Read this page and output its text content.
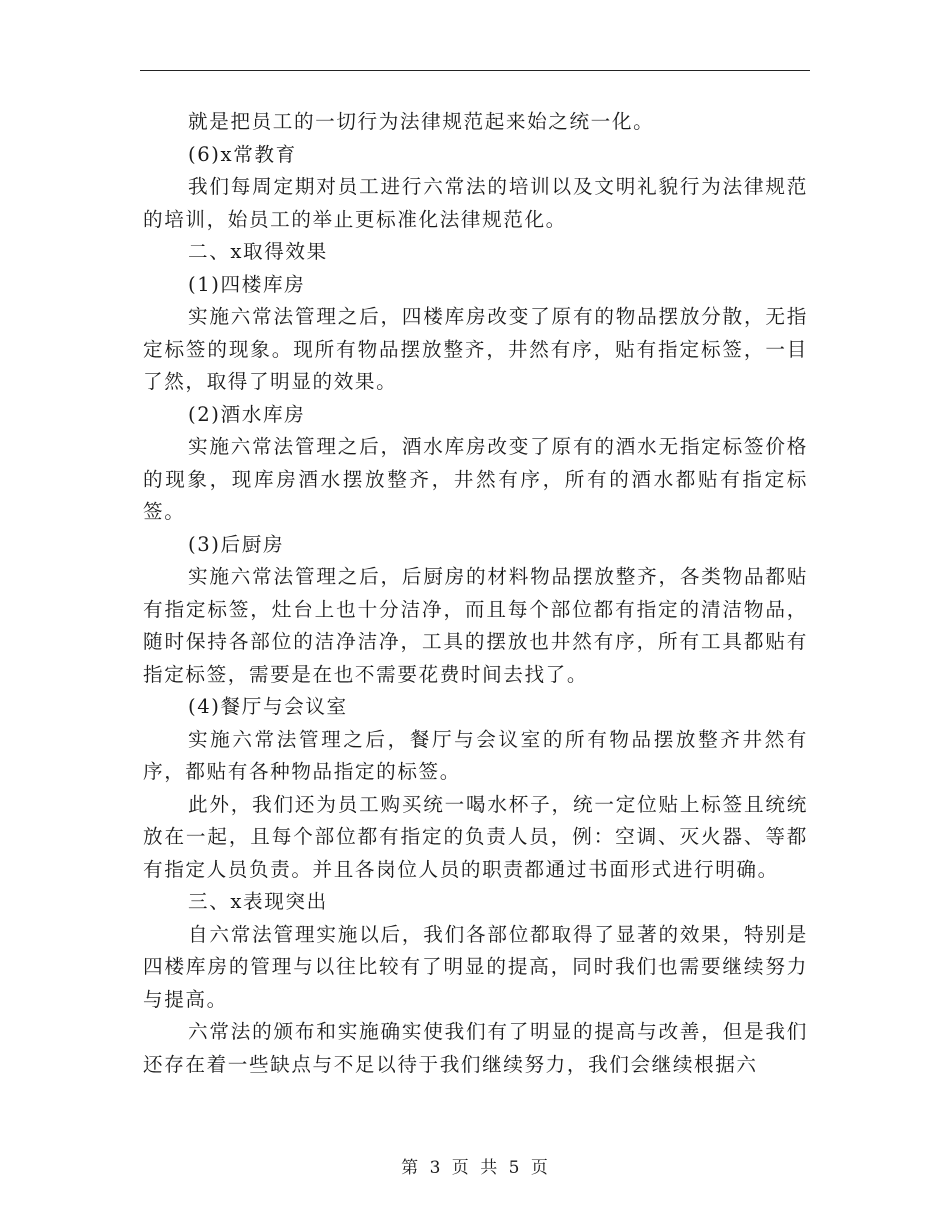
就是把员工的一切行为法律规范起来始之统一化。

(6)x常教育

我们每周定期对员工进行六常法的培训以及文明礼貌行为法律规范的培训，始员工的举止更标准化法律规范化。

二、x取得效果

(1)四楼库房

实施六常法管理之后，四楼库房改变了原有的物品摆放分散，无指定标签的现象。现所有物品摆放整齐，井然有序，贴有指定标签，一目了然，取得了明显的效果。

(2)酒水库房

实施六常法管理之后，酒水库房改变了原有的酒水无指定标签价格的现象，现库房酒水摆放整齐，井然有序，所有的酒水都贴有指定标签。

(3)后厨房

实施六常法管理之后，后厨房的材料物品摆放整齐，各类物品都贴有指定标签，灶台上也十分洁净，而且每个部位都有指定的清洁物品，随时保持各部位的洁净洁净，工具的摆放也井然有序，所有工具都贴有指定标签，需要是在也不需要花费时间去找了。

(4)餐厅与会议室

实施六常法管理之后，餐厅与会议室的所有物品摆放整齐井然有序，都贴有各种物品指定的标签。

此外，我们还为员工购买统一喝水杯子，统一定位贴上标签且统统放在一起，且每个部位都有指定的负责人员，例：空调、灭火器、等都有指定人员负责。并且各岗位人员的职责都通过书面形式进行明确。

三、x表现突出

自六常法管理实施以后，我们各部位都取得了显著的效果，特别是四楼库房的管理与以往比较有了明显的提高，同时我们也需要继续努力与提高。

六常法的颁布和实施确实使我们有了明显的提高与改善，但是我们还存在着一些缺点与不足以待于我们继续努力，我们会继续根据六

第 3 页 共 5 页
